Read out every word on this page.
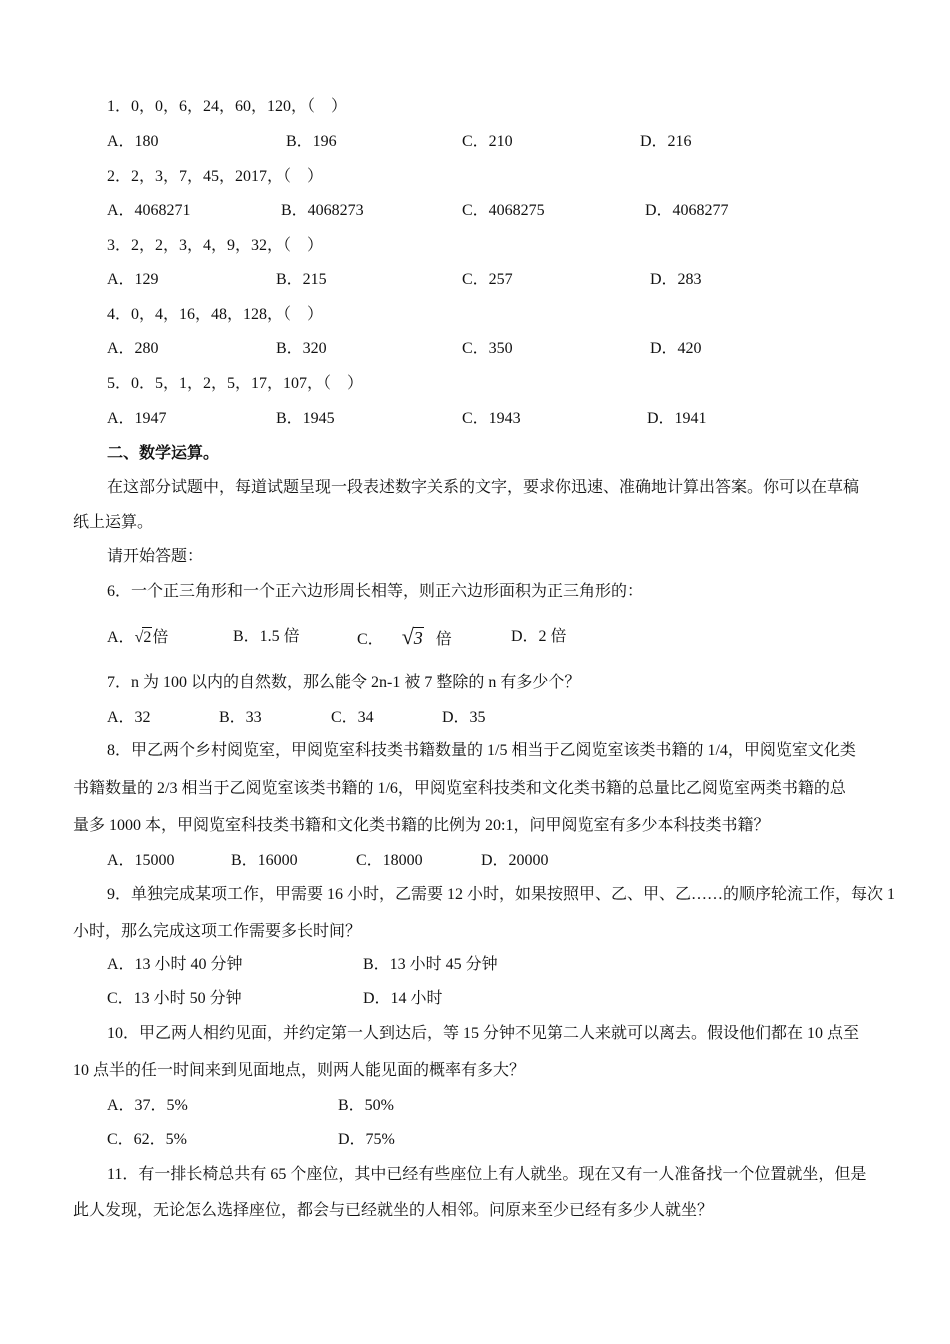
1．0，0，6，24，60，120，（　）
A．180	B．196	C．210	D．216
2．2，3，7，45，2017，（　）
A．4068271	B．4068273	C．4068275	D．4068277
3．2，2，3，4，9，32，（　）
A．129	B．215	C．257	D．283
4．0，4，16，48，128，（　）
A．280	B．320	C．350	D．420
5．0．5，1，2，5，17，107，（　）
A．1947	B．1945	C．1943	D．1941
二、数学运算。
在这部分试题中，每道试题呈现一段表述数字关系的文字，要求你迅速、准确地计算出答案。你可以在草稿
纸上运算。
请开始答题：
6．一个正三角形和一个正六边形周长相等，则正六边形面积为正三角形的：
A．√2倍	B．1.5 倍	C． √3 倍	D．2 倍
7．n 为 100 以内的自然数，那么能令 2n-1 被 7 整除的 n 有多少个？
A．32	B．33	C．34	D．35
8．甲乙两个乡村阅览室，甲阅览室科技类书籍数量的 1/5 相当于乙阅览室该类书籍的 1/4，甲阅览室文化类
书籍数量的 2/3 相当于乙阅览室该类书籍的 1/6，甲阅览室科技类和文化类书籍的总量比乙阅览室两类书籍的总
量多 1000 本，甲阅览室科技类书籍和文化类书籍的比例为 20:1，问甲阅览室有多少本科技类书籍？
A．15000	B．16000	C．18000	D．20000
9．单独完成某项工作，甲需要 16 小时，乙需要 12 小时，如果按照甲、乙、甲、乙……的顺序轮流工作，每次 1
小时，那么完成这项工作需要多长时间？
A．13 小时 40 分钟	B．13 小时 45 分钟
C．13 小时 50 分钟	D．14 小时
10．甲乙两人相约见面，并约定第一人到达后，等 15 分钟不见第二人来就可以离去。假设他们都在 10 点至
10 点半的任一时间来到见面地点，则两人能见面的概率有多大？
A．37．5%	B．50%
C．62．5%	D．75%
11．有一排长椅总共有 65 个座位，其中已经有些座位上有人就坐。现在又有一人准备找一个位置就坐，但是
此人发现，无论怎么选择座位，都会与已经就坐的人相邻。问原来至少已经有多少人就坐？
